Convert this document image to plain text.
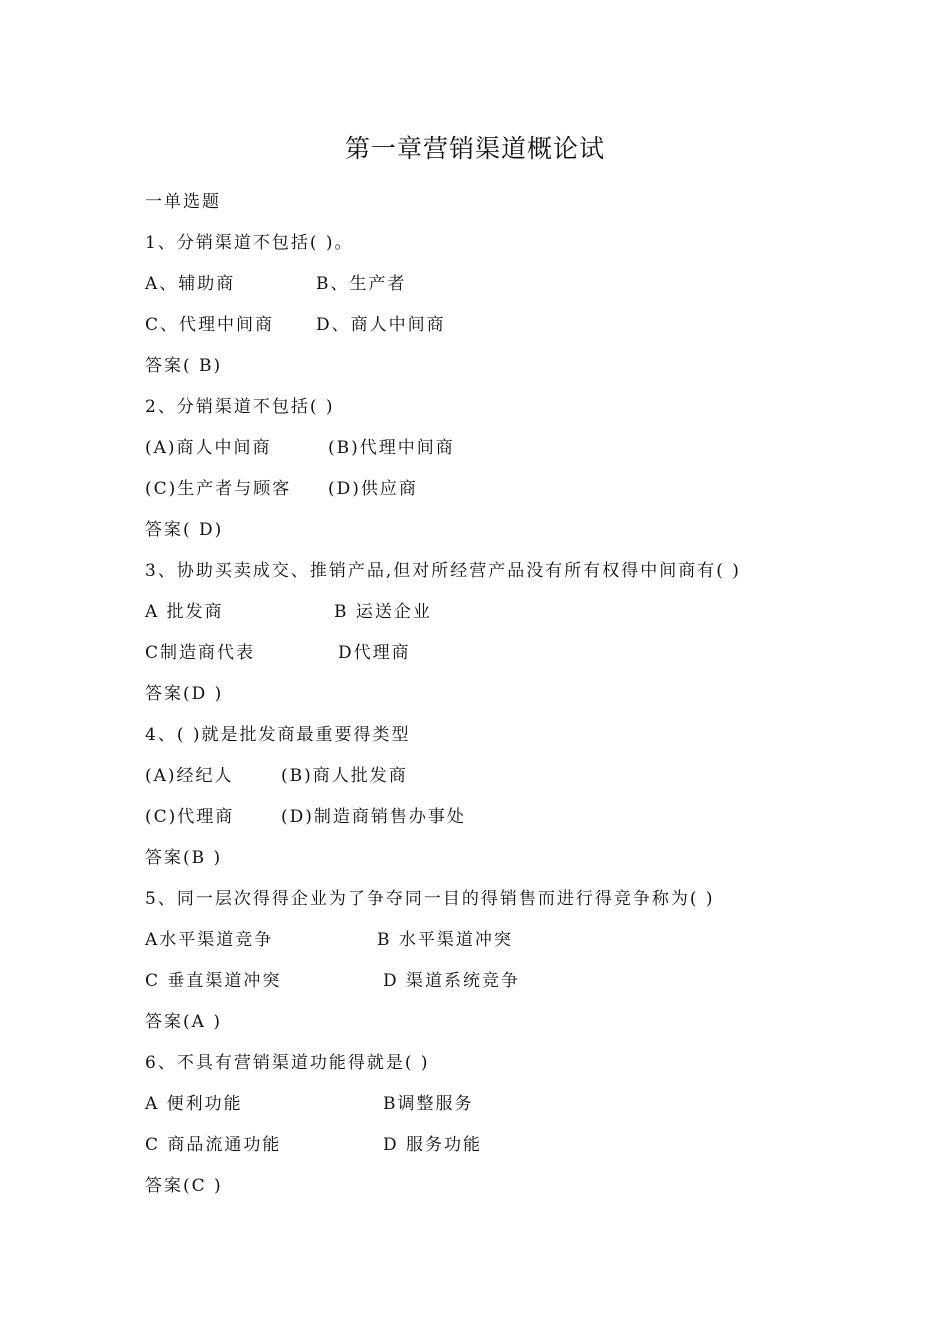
第一章营销渠道概论试
一单选题
1、分销渠道不包括( )。
A、辅助商	B、生产者
C、代理中间商 D、商人中间商
答案( B)
2、分销渠道不包括( )
(A)商人中间商	(B)代理中间商
(C)生产者与顾客 (D)供应商
答案( D)
3、协助买卖成交、推销产品,但对所经营产品没有所有权得中间商有( )
A 批发商	B 运送企业
C制造商代表	D代理商
答案(D )
4、( )就是批发商最重要得类型
(A)经纪人	(B)商人批发商
(C)代理商	(D)制造商销售办事处
答案(B )
5、同一层次得得企业为了争夺同一目的得销售而进行得竞争称为( )
A水平渠道竞争	B 水平渠道冲突
C 垂直渠道冲突	D 渠道系统竞争
答案(A )
6、不具有营销渠道功能得就是( )
A 便利功能	B调整服务
C 商品流通功能	D 服务功能
答案(C )
